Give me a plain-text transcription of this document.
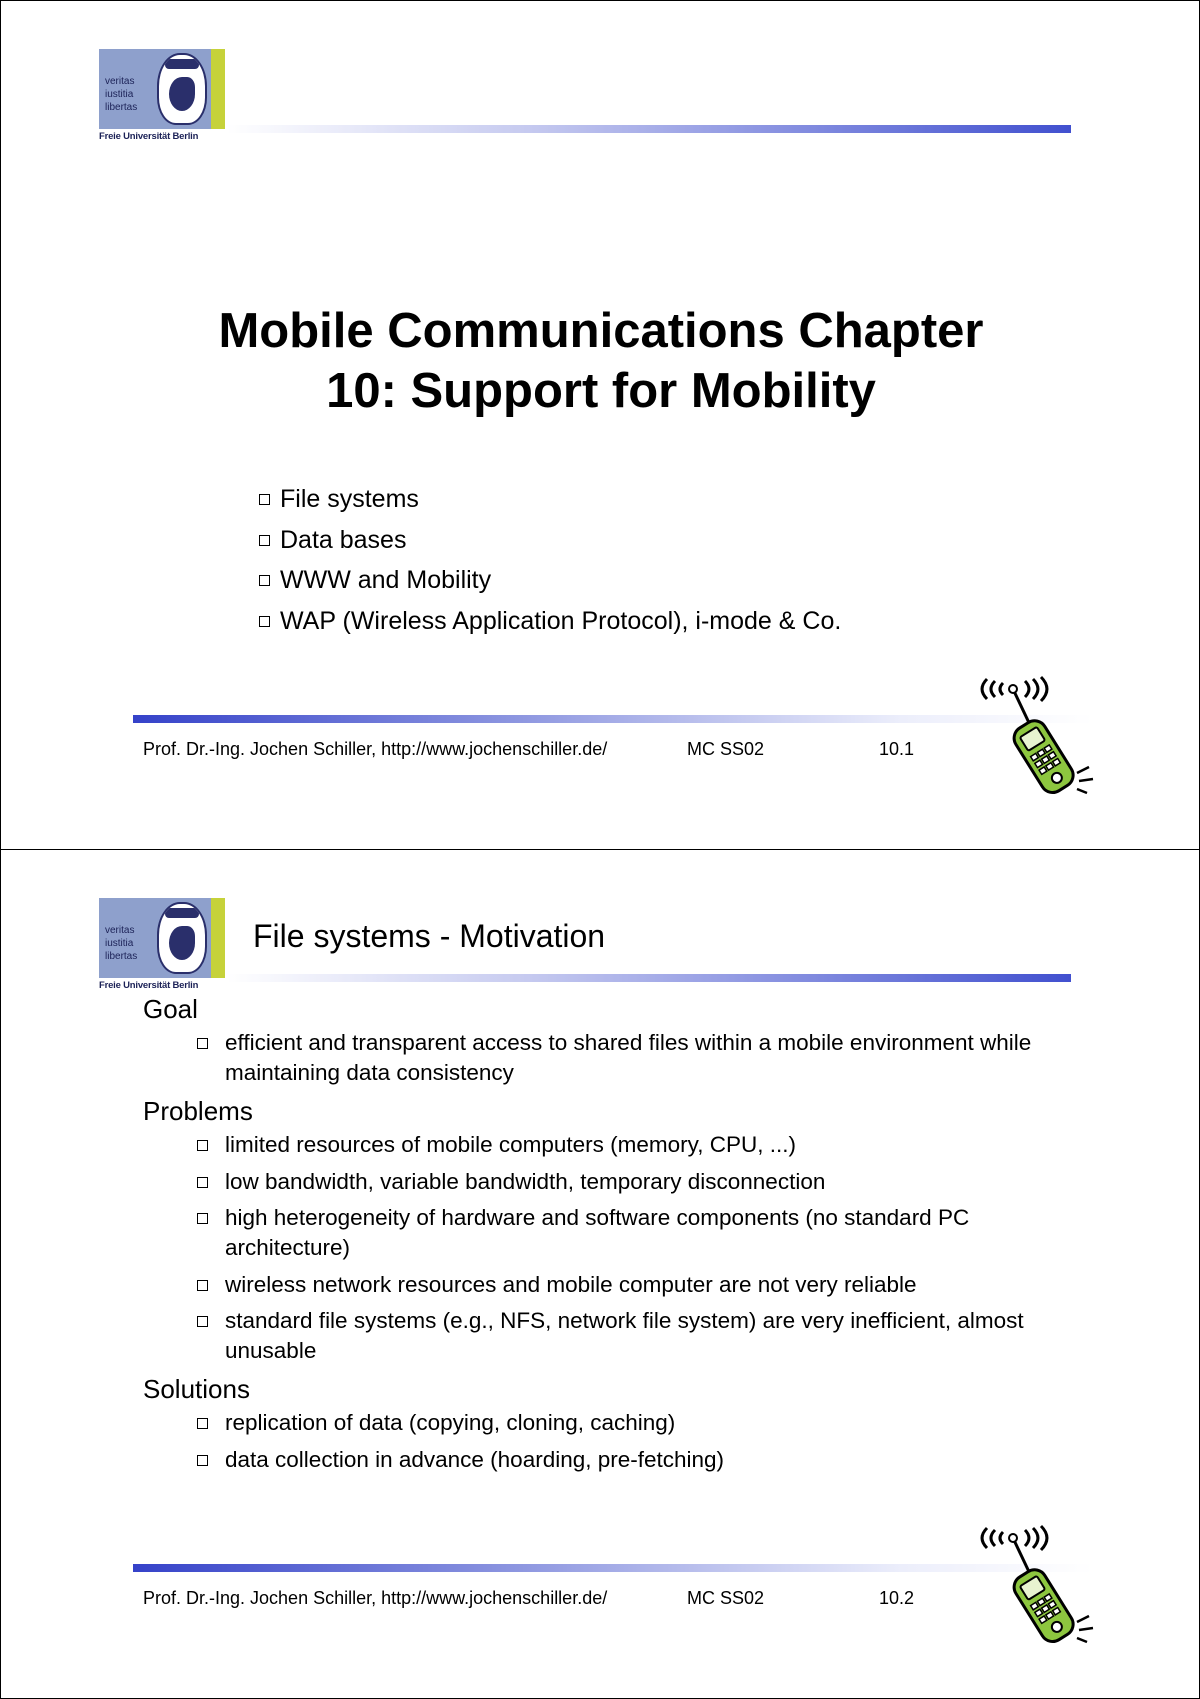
veritas
iustitia
libertas
Freie Universität Berlin
Mobile Communications Chapter
10: Support for Mobility
File systems
Data bases
WWW and Mobility
WAP (Wireless Application Protocol), i-mode & Co.
Prof. Dr.-Ing. Jochen Schiller, http://www.jochenschiller.de/	MC SS02	10.1
veritas
iustitia
libertas
Freie Universität Berlin
File systems - Motivation
Goal
efficient and transparent access to shared files within a mobile environment while maintaining data consistency
Problems
limited resources of mobile computers (memory, CPU, ...)
low bandwidth, variable bandwidth, temporary disconnection
high heterogeneity of hardware and software components (no standard PC architecture)
wireless network resources and mobile computer are not very reliable
standard file systems (e.g., NFS, network file system) are very inefficient, almost unusable
Solutions
replication of data (copying, cloning, caching)
data collection in advance (hoarding, pre-fetching)
Prof. Dr.-Ing. Jochen Schiller, http://www.jochenschiller.de/	MC SS02	10.2
